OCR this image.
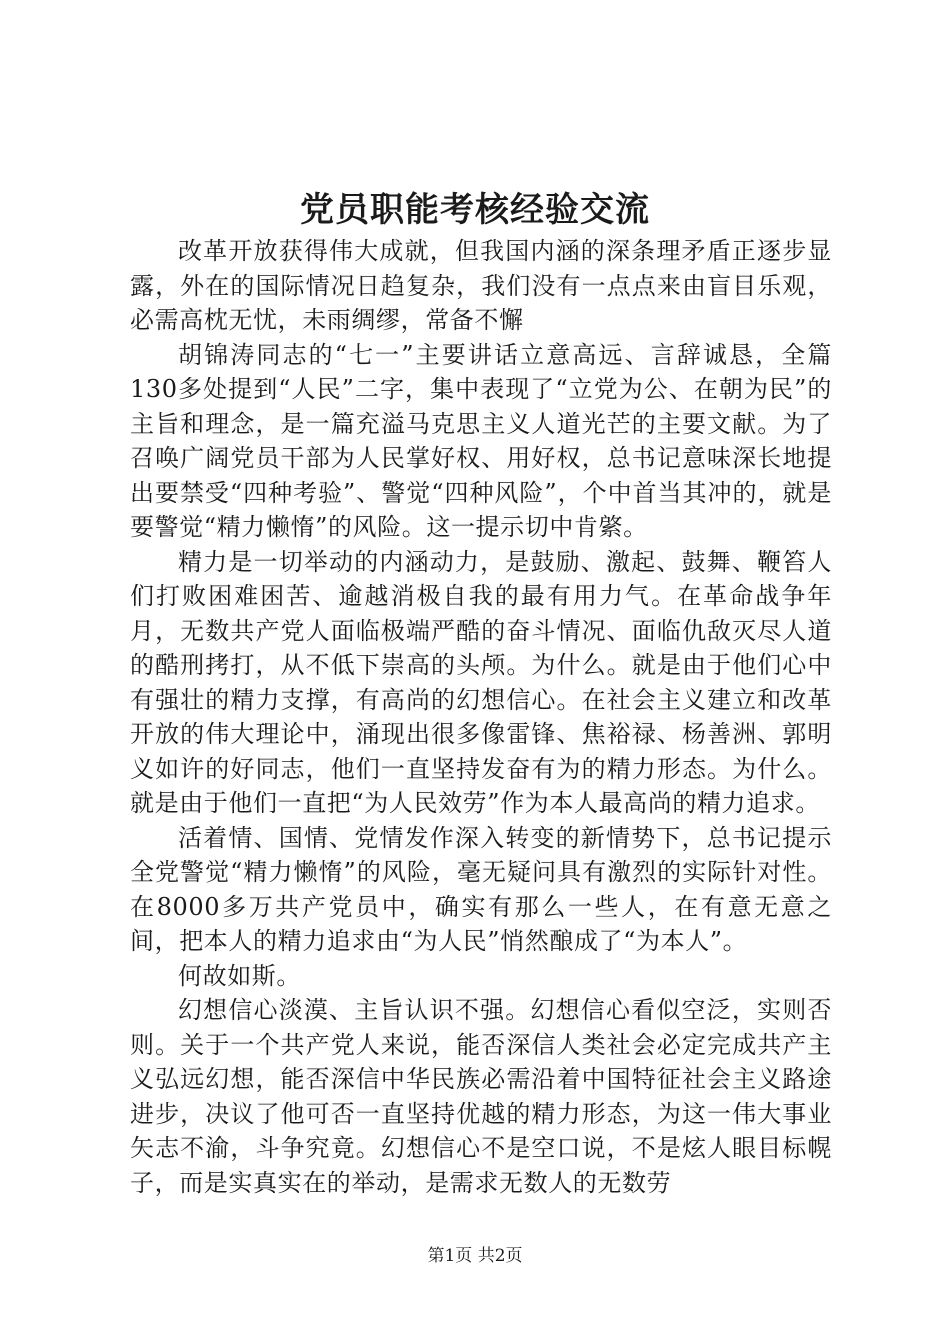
党员职能考核经验交流

改革开放获得伟大成就，但我国内涵的深条理矛盾正逐步显露，外在的国际情况日趋复杂，我们没有一点点来由盲目乐观，必需高枕无忧，未雨绸缪，常备不懈

胡锦涛同志的“七一”主要讲话立意高远、言辞诚恳，全篇130多处提到“人民”二字，集中表现了“立党为公、在朝为民”的主旨和理念，是一篇充溢马克思主义人道光芒的主要文献。为了召唤广阔党员干部为人民掌好权、用好权，总书记意味深长地提出要禁受“四种考验”、警觉“四种风险”，个中首当其冲的，就是要警觉“精力懒惰”的风险。这一提示切中肯綮。

精力是一切举动的内涵动力，是鼓励、激起、鼓舞、鞭笞人们打败困难困苦、逾越消极自我的最有用力气。在革命战争年月，无数共产党人面临极端严酷的奋斗情况、面临仇敌灭尽人道的酷刑拷打，从不低下崇高的头颅。为什么。就是由于他们心中有强壮的精力支撑，有高尚的幻想信心。在社会主义建立和改革开放的伟大理论中，涌现出很多像雷锋、焦裕禄、杨善洲、郭明义如许的好同志，他们一直坚持发奋有为的精力形态。为什么。就是由于他们一直把“为人民效劳”作为本人最高尚的精力追求。

活着情、国情、党情发作深入转变的新情势下，总书记提示全党警觉“精力懒惰”的风险，毫无疑问具有激烈的实际针对性。在8000多万共产党员中，确实有那么一些人，在有意无意之间，把本人的精力追求由“为人民”悄然酿成了“为本人”。

何故如斯。

幻想信心淡漠、主旨认识不强。幻想信心看似空泛，实则否则。关于一个共产党人来说，能否深信人类社会必定完成共产主义弘远幻想，能否深信中华民族必需沿着中国特征社会主义路途进步，决议了他可否一直坚持优越的精力形态，为这一伟大事业矢志不渝，斗争究竟。幻想信心不是空口说，不是炫人眼目标幌子，而是实真实在的举动，是需求无数人的无数劳

第1页 共2页
